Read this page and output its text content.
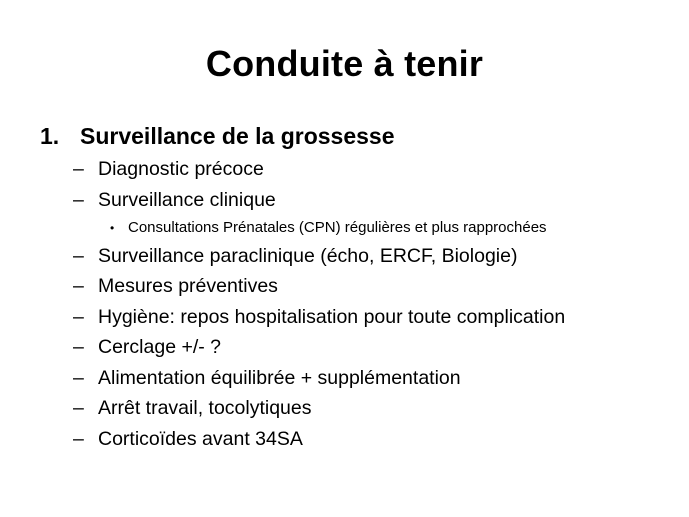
Conduite à tenir
1. Surveillance de la grossesse
– Diagnostic précoce
– Surveillance clinique
• Consultations Prénatales (CPN) régulières et plus rapprochées
– Surveillance paraclinique (écho, ERCF, Biologie)
– Mesures préventives
– Hygiène: repos hospitalisation pour toute complication
– Cerclage +/- ?
– Alimentation équilibrée + supplémentation
– Arrêt travail, tocolytiques
– Corticoïdes avant 34SA
